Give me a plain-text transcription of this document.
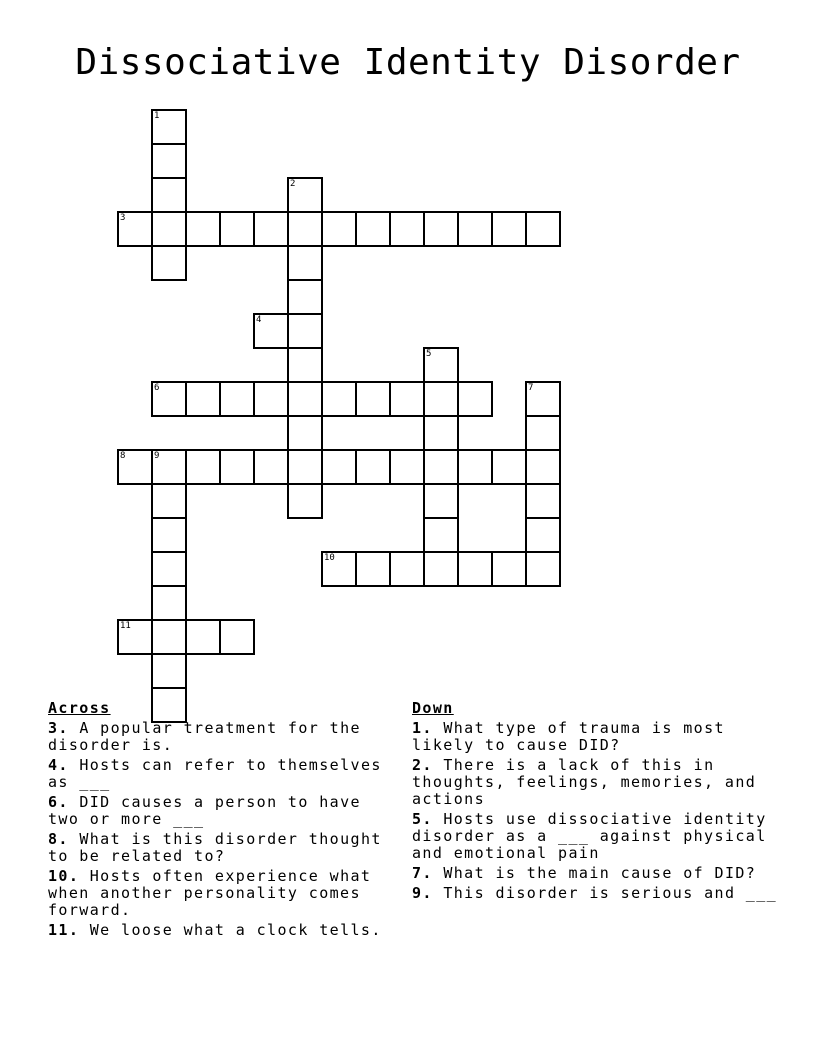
Dissociative Identity Disorder
1
2
3
4
5
6	7
8	9
10
11
Across
3. A popular treatment for the disorder is.
4. Hosts can refer to themselves as ___
6. DID causes a person to have two or more ___
8. What is this disorder thought to be related to?
10. Hosts often experience what when another personality comes forward.
11. We loose what a clock tells.
Down
1. What type of trauma is most likely to cause DID?
2. There is a lack of this in thoughts, feelings, memories, and actions
5. Hosts use dissociative identity disorder as a ___ against physical and emotional pain
7. What is the main cause of DID?
9. This disorder is serious and ___
